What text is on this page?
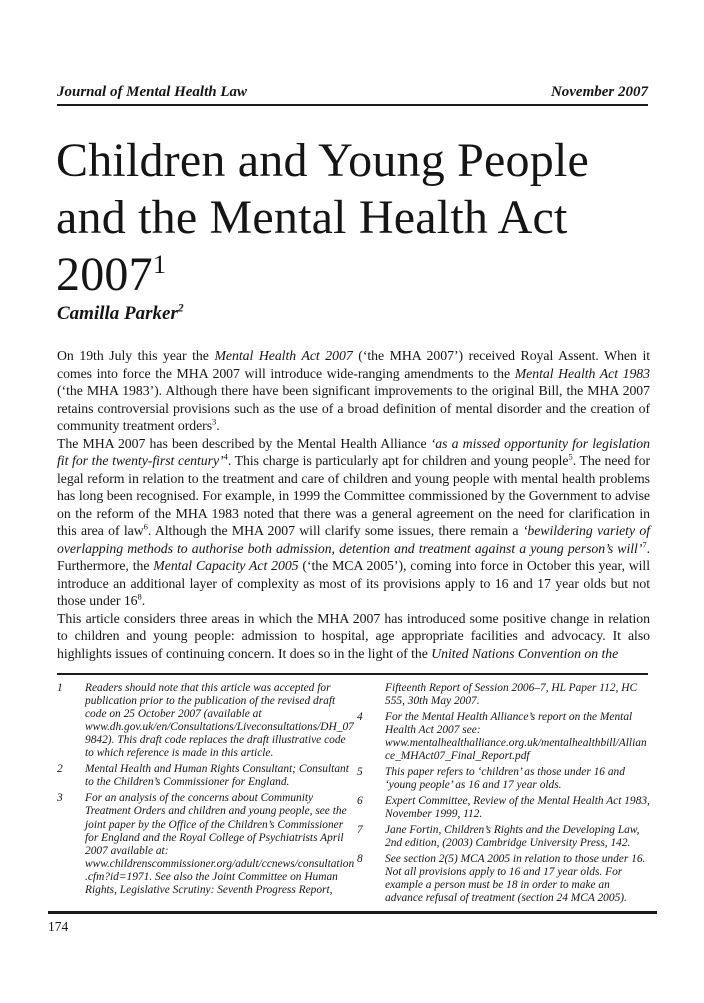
Journal of Mental Health Law	November 2007
Children and Young People
and the Mental Health Act
2007$^1$

Camilla Parker$^2$

On 19th July this year the Mental Health Act 2007 (‘the MHA 2007’) received Royal Assent. When it comes into force the MHA 2007 will introduce wide-ranging amendments to the Mental Health Act 1983 (‘the MHA 1983’). Although there have been significant improvements to the original Bill, the MHA 2007 retains controversial provisions such as the use of a broad definition of mental disorder and the creation of community treatment orders$^3$.

The MHA 2007 has been described by the Mental Health Alliance ‘as a missed opportunity for legislation fit for the twenty-first century’$^4$. This charge is particularly apt for children and young people$^5$. The need for legal reform in relation to the treatment and care of children and young people with mental health problems has long been recognised. For example, in 1999 the Committee commissioned by the Government to advise on the reform of the MHA 1983 noted that there was a general agreement on the need for clarification in this area of law$^6$. Although the MHA 2007 will clarify some issues, there remain a ‘bewildering variety of overlapping methods to authorise both admission, detention and treatment against a young person’s will’$^7$. Furthermore, the Mental Capacity Act 2005 (‘the MCA 2005’), coming into force in October this year, will introduce an additional layer of complexity as most of its provisions apply to 16 and 17 year olds but not those under $16^8$.

This article considers three areas in which the MHA 2007 has introduced some positive change in relation to children and young people: admission to hospital, age appropriate facilities and advocacy. It also highlights issues of continuing concern. It does so in the light of the United Nations Convention on the

1	Readers should note that this article was accepted for publication prior to the publication of the revised draft code on 25 October 2007 (available at www.dh.gov.uk/en/Consultations/Liveconsultations/DH_079842). This draft code replaces the draft illustrative code to which reference is made in this article.
2	Mental Health and Human Rights Consultant; Consultant to the Children’s Commissioner for England.
3	For an analysis of the concerns about Community Treatment Orders and children and young people, see the joint paper by the Office of the Children’s Commissioner for England and the Royal College of Psychiatrists April 2007 available at: www.childrenscommissioner.org/adult/ccnews/consultation.cfm?id=1971. See also the Joint Committee on Human Rights, Legislative Scrutiny: Seventh Progress Report,
Fifteenth Report of Session 2006–7, HL Paper 112, HC 555, 30th May 2007.
4	For the Mental Health Alliance’s report on the Mental Health Act 2007 see: www.mentalhealthalliance.org.uk/mentalhealthbill/Alliance_MHAct07_Final_Report.pdf
5	This paper refers to ‘children’ as those under 16 and ‘young people’ as 16 and 17 year olds.
6	Expert Committee, Review of the Mental Health Act 1983, November 1999, 112.
7	Jane Fortin, Children’s Rights and the Developing Law, 2nd edition, (2003) Cambridge University Press, 142.
8	See section 2(5) MCA 2005 in relation to those under 16. Not all provisions apply to 16 and 17 year olds. For example a person must be 18 in order to make an advance refusal of treatment (section 24 MCA 2005).
174
